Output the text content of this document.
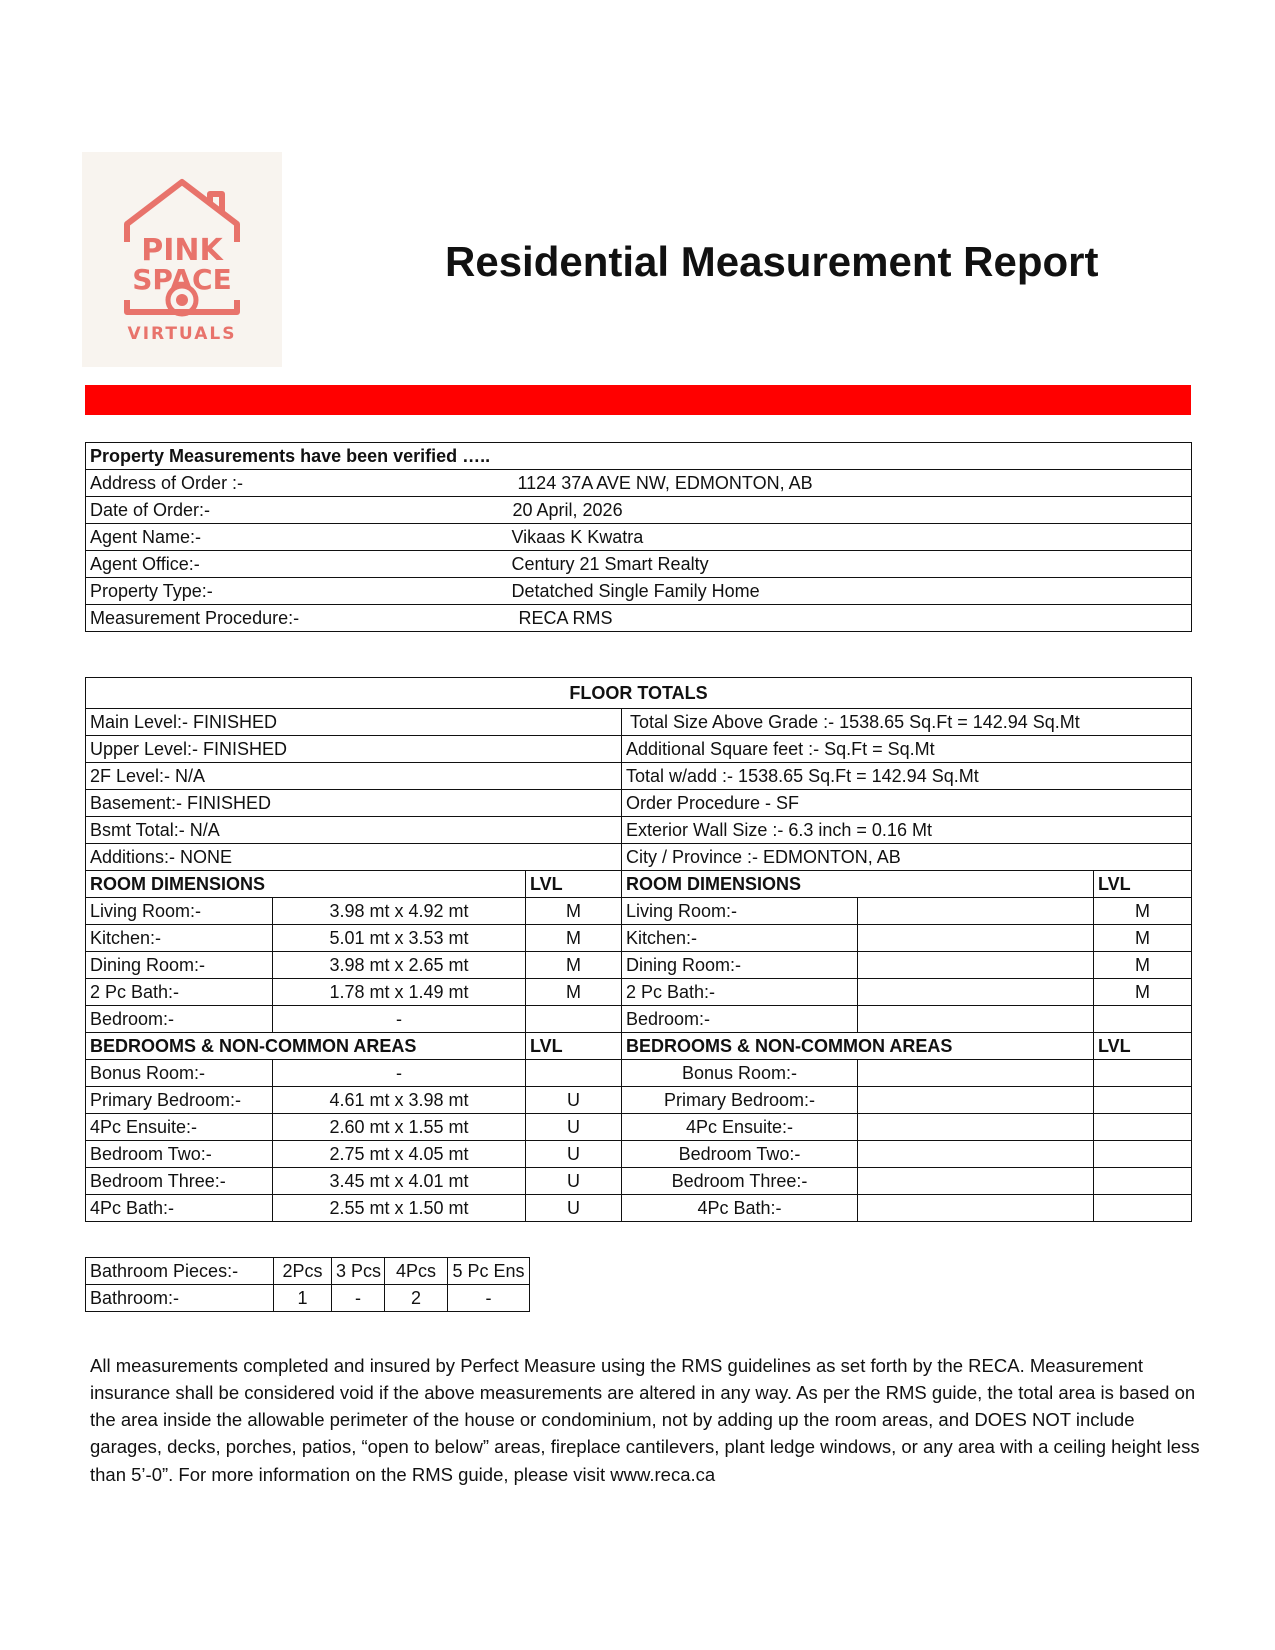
PINK
SPACE
VIRTUALS
Residential Measurement Report
Property Measurements have been verified …..	
Address of Order :-	1124 37A AVE NW, EDMONTON, AB
Date of Order:-	20 April, 2026
Agent Name:-	Vikaas K Kwatra
Agent Office:-	Century 21 Smart Realty
Property Type:-	Detatched Single Family Home
Measurement Procedure:-	RECA RMS
FLOOR TOTALS					
Main Level:- FINISHED			Total Size Above Grade :- 1538.65 Sq.Ft = 142.94 Sq.Mt		
Upper Level:- FINISHED			Additional Square feet :- Sq.Ft = Sq.Mt		
2F Level:- N/A			Total w/add :- 1538.65 Sq.Ft = 142.94 Sq.Mt		
Basement:- FINISHED			Order Procedure - SF		
Bsmt Total:- N/A			Exterior Wall Size :- 6.3 inch = 0.16 Mt		
Additions:- NONE			City / Province :- EDMONTON, AB		
ROOM DIMENSIONS		LVL	ROOM DIMENSIONS		LVL
Living Room:-	3.98 mt x 4.92 mt	M	Living Room:-		M
Kitchen:-	5.01 mt x 3.53 mt	M	Kitchen:-		M
Dining Room:-	3.98 mt x 2.65 mt	M	Dining Room:-		M
2 Pc Bath:-	1.78 mt x 1.49 mt	M	2 Pc Bath:-		M
Bedroom:-	-		Bedroom:-		
BEDROOMS & NON-COMMON AREAS		LVL	BEDROOMS & NON-COMMON AREAS		LVL
Bonus Room:-	-		Bonus Room:-		
Primary Bedroom:-	4.61 mt x 3.98 mt	U	Primary Bedroom:-		
4Pc Ensuite:-	2.60 mt x 1.55 mt	U	4Pc Ensuite:-		
Bedroom Two:-	2.75 mt x 4.05 mt	U	Bedroom Two:-		
Bedroom Three:-	3.45 mt x 4.01 mt	U	Bedroom Three:-		
4Pc Bath:-	2.55 mt x 1.50 mt	U	4Pc Bath:-		
Bathroom Pieces:-	2Pcs	3 Pcs	4Pcs	5 Pc Ens
Bathroom:-	1	-	2	-

All measurements completed and insured by Perfect Measure using the RMS guidelines as set forth by the RECA. Measurement insurance shall be considered void if the above measurements are altered in any way. As per the RMS guide, the total area is based on the area inside the allowable perimeter of the house or condominium, not by adding up the room areas, and DOES NOT include garages, decks, porches, patios, “open to below” areas, fireplace cantilevers, plant ledge windows, or any area with a ceiling height less than 5’-0”. For more information on the RMS guide, please visit www.reca.ca
